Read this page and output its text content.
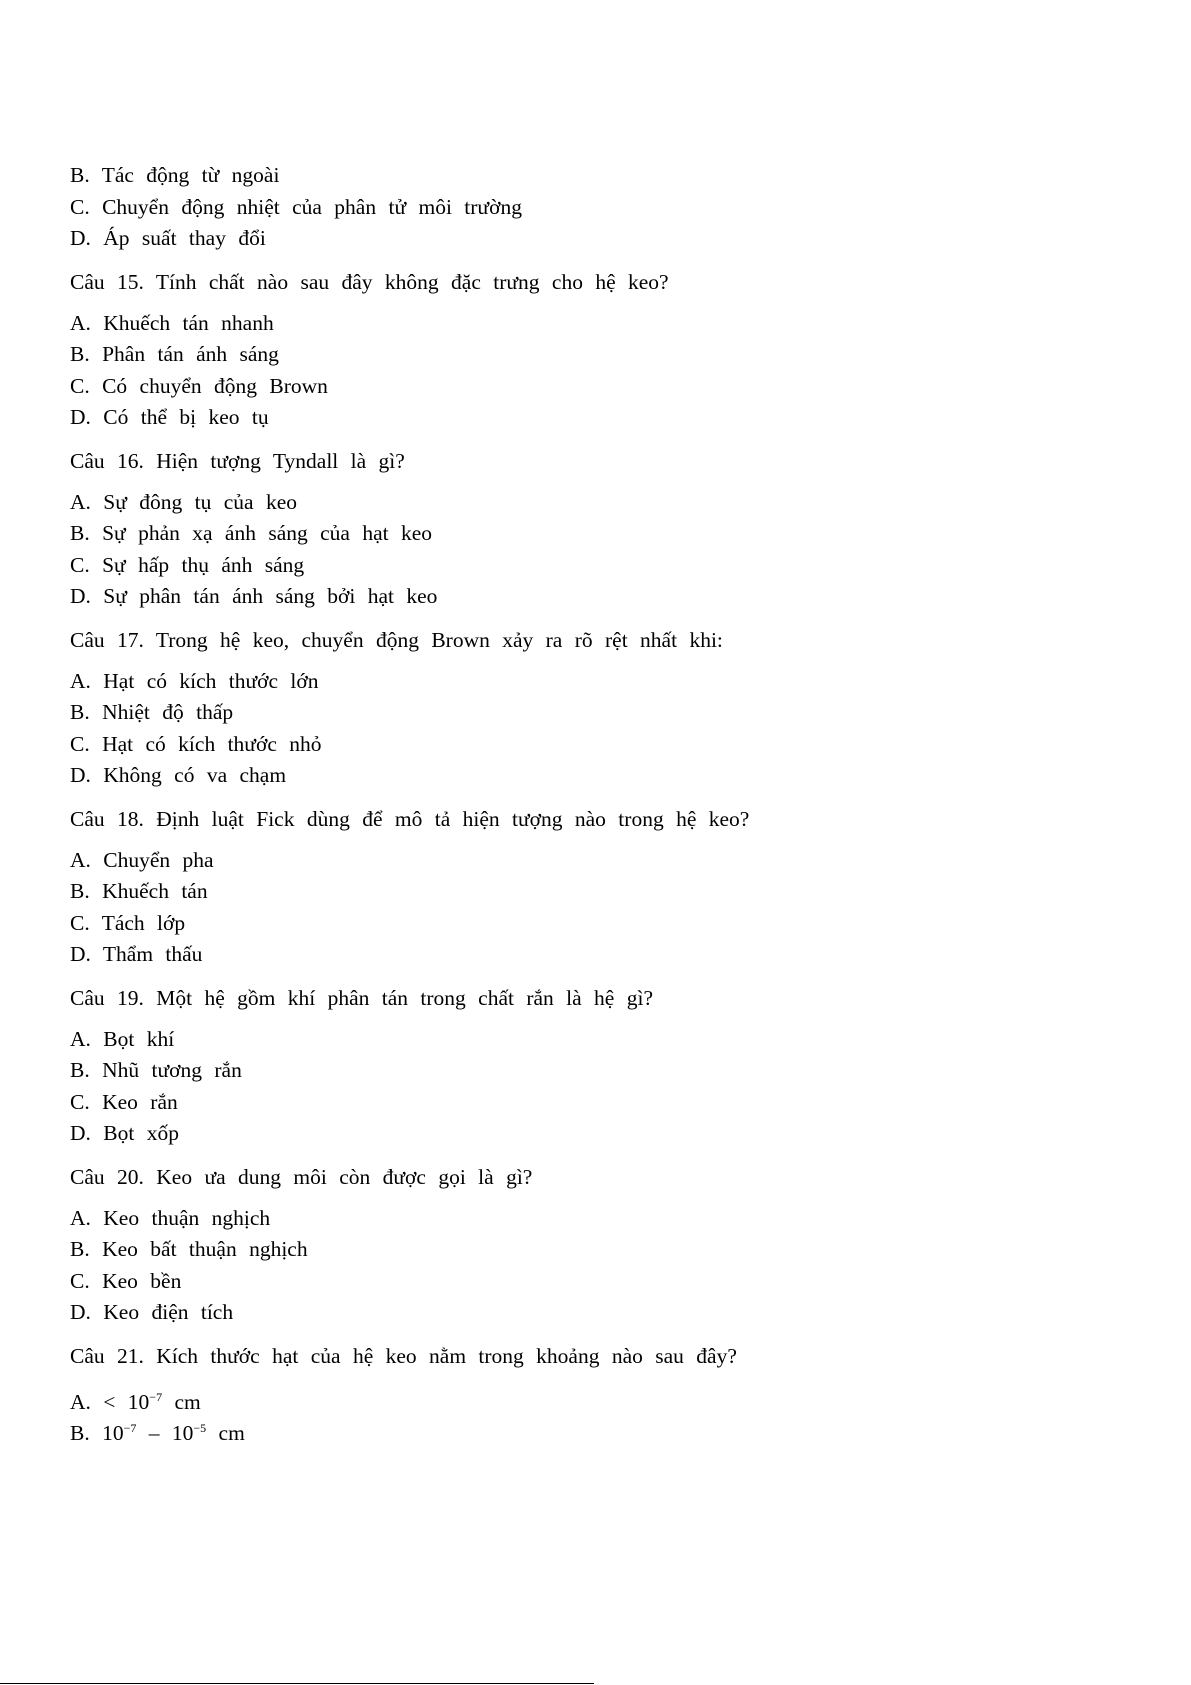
B. Tác động từ ngoài
C. Chuyển động nhiệt của phân tử môi trường
D. Áp suất thay đổi
Câu 15. Tính chất nào sau đây không đặc trưng cho hệ keo?
A. Khuếch tán nhanh
B. Phân tán ánh sáng
C. Có chuyển động Brown
D. Có thể bị keo tụ
Câu 16. Hiện tượng Tyndall là gì?
A. Sự đông tụ của keo
B. Sự phản xạ ánh sáng của hạt keo
C. Sự hấp thụ ánh sáng
D. Sự phân tán ánh sáng bởi hạt keo
Câu 17. Trong hệ keo, chuyển động Brown xảy ra rõ rệt nhất khi:
A. Hạt có kích thước lớn
B. Nhiệt độ thấp
C. Hạt có kích thước nhỏ
D. Không có va chạm
Câu 18. Định luật Fick dùng để mô tả hiện tượng nào trong hệ keo?
A. Chuyển pha
B. Khuếch tán
C. Tách lớp
D. Thẩm thấu
Câu 19. Một hệ gồm khí phân tán trong chất rắn là hệ gì?
A. Bọt khí
B. Nhũ tương rắn
C. Keo rắn
D. Bọt xốp
Câu 20. Keo ưa dung môi còn được gọi là gì?
A. Keo thuận nghịch
B. Keo bất thuận nghịch
C. Keo bền
D. Keo điện tích
Câu 21. Kích thước hạt của hệ keo nằm trong khoảng nào sau đây?
A. < $10^{-7}$ cm
B. $10^{-7} - 10^{-5}$ cm
